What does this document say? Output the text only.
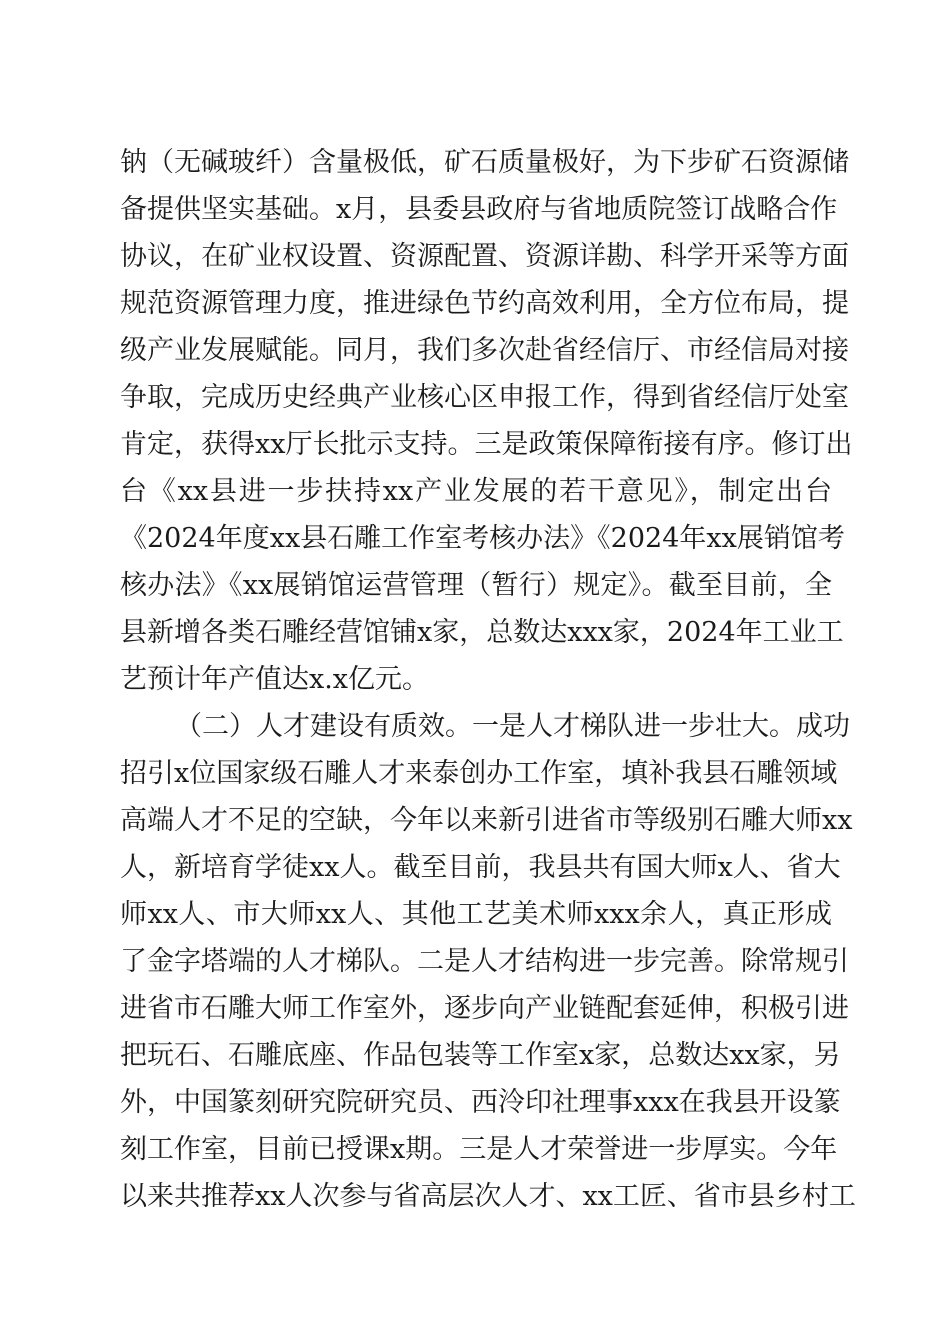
钠（无碱玻纤）含量极低，矿石质量极好，为下步矿石资源储
备提供坚实基础。x月，县委县政府与省地质院签订战略合作
协议，在矿业权设置、资源配置、资源详勘、科学开采等方面
规范资源管理力度，推进绿色节约高效利用，全方位布局，提
级产业发展赋能。同月，我们多次赴省经信厅、市经信局对接
争取，完成历史经典产业核心区申报工作，得到省经信厅处室
肯定，获得xx厅长批示支持。三是政策保障衔接有序。修订出
台《xx县进一步扶持xx产业发展的若干意见》，制定出台
《2024年度xx县石雕工作室考核办法》《2024年xx展销馆考
核办法》《xx展销馆运营管理（暂行）规定》。截至目前，全
县新增各类石雕经营馆铺x家，总数达xxx家，2024年工业工
艺预计年产值达x.x亿元。
（二）人才建设有质效。一是人才梯队进一步壮大。成功
招引x位国家级石雕人才来泰创办工作室，填补我县石雕领域
高端人才不足的空缺，今年以来新引进省市等级别石雕大师xx
人，新培育学徒xx人。截至目前，我县共有国大师x人、省大
师xx人、市大师xx人、其他工艺美术师xxx余人，真正形成
了金字塔端的人才梯队。二是人才结构进一步完善。除常规引
进省市石雕大师工作室外，逐步向产业链配套延伸，积极引进
把玩石、石雕底座、作品包装等工作室x家，总数达xx家，另
外，中国篆刻研究院研究员、西泠印社理事xxx在我县开设篆
刻工作室，目前已授课x期。三是人才荣誉进一步厚实。今年
以来共推荐xx人次参与省高层次人才、xx工匠、省市县乡村工
